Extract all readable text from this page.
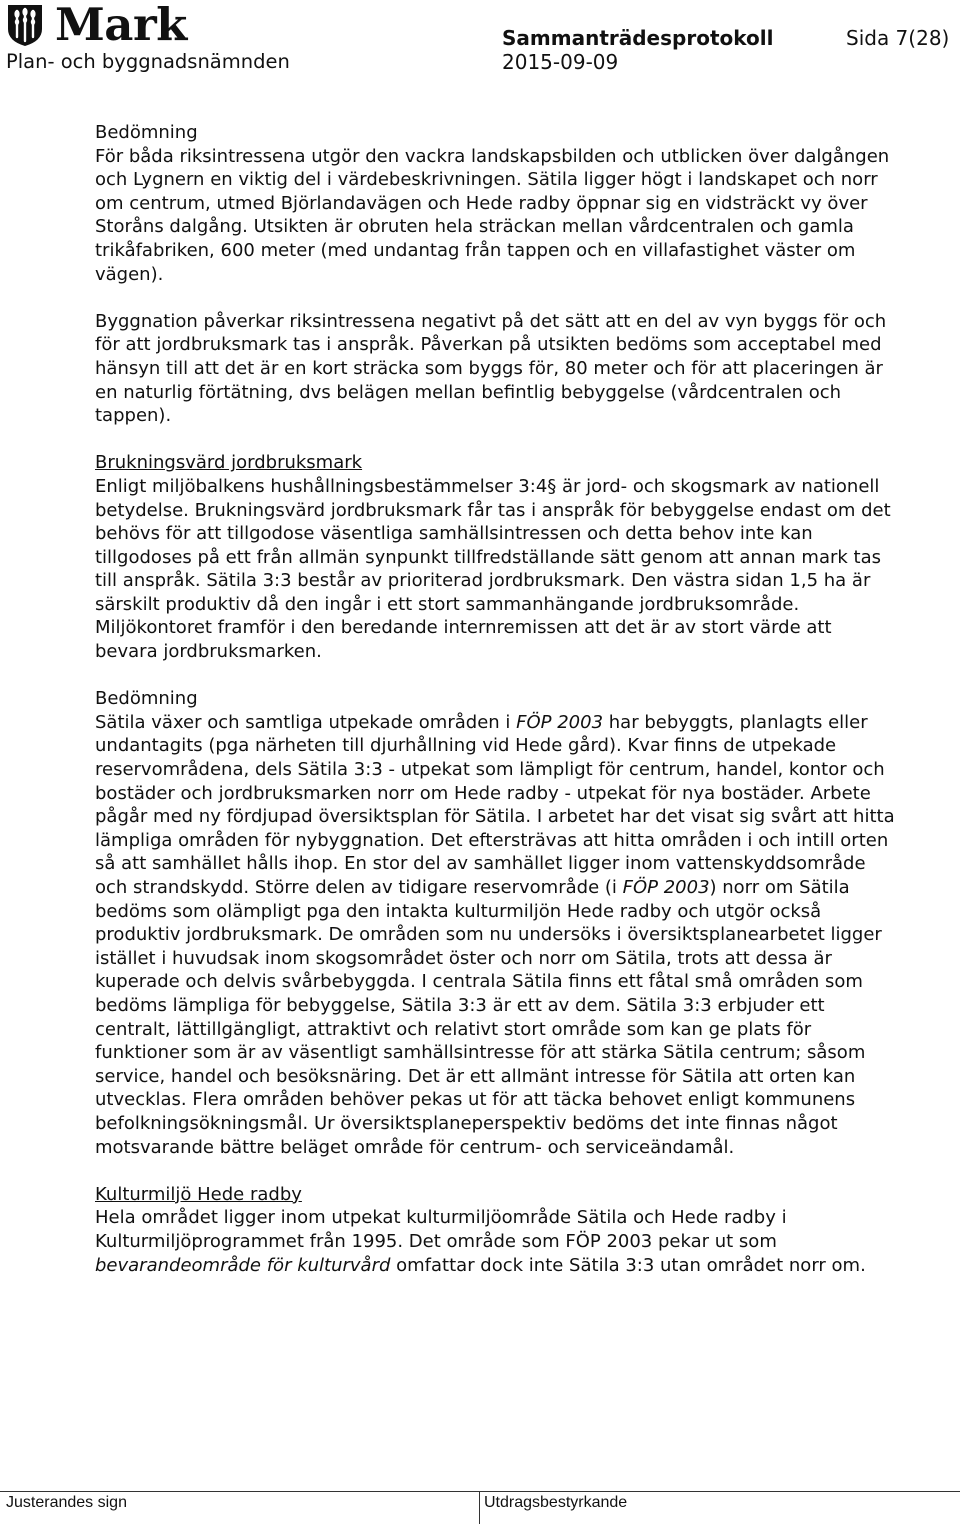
Mark
Plan- och byggnadsnämnden
Sammanträdesprotokoll
2015-09-09
Sida 7(28)

Bedömning
För båda riksintressena utgör den vackra landskapsbilden och utblicken över dalgången och Lygnern en viktig del i värdebeskrivningen. Sätila ligger högt i landskapet och norr om centrum, utmed Björlandavägen och Hede radby öppnar sig en vidsträckt vy över Storåns dalgång. Utsikten är obruten hela sträckan mellan vårdcentralen och gamla trikåfabriken, 600 meter (med undantag från tappen och en villafastighet väster om vägen).

Byggnation påverkar riksintressena negativt på det sätt att en del av vyn byggs för och för att jordbruksmark tas i anspråk. Påverkan på utsikten bedöms som acceptabel med hänsyn till att det är en kort sträcka som byggs för, 80 meter och för att placeringen är en naturlig förtätning, dvs belägen mellan befintlig bebyggelse (vårdcentralen och tappen).

Brukningsvärd jordbruksmark
Enligt miljöbalkens hushållningsbestämmelser 3:4§ är jord- och skogsmark av nationell betydelse. Brukningsvärd jordbruksmark får tas i anspråk för bebyggelse endast om det behövs för att tillgodose väsentliga samhällsintressen och detta behov inte kan tillgodoses på ett från allmän synpunkt tillfredställande sätt genom att annan mark tas till anspråk. Sätila 3:3 består av prioriterad jordbruksmark. Den västra sidan 1,5 ha är särskilt produktiv då den ingår i ett stort sammanhängande jordbruksområde. Miljökontoret framför i den beredande internremissen att det är av stort värde att bevara jordbruksmarken.

Bedömning
Sätila växer och samtliga utpekade områden i FÖP 2003 har bebyggts, planlagts eller undantagits (pga närheten till djurhållning vid Hede gård). Kvar finns de utpekade reservområdena, dels Sätila 3:3 - utpekat som lämpligt för centrum, handel, kontor och bostäder och jordbruksmarken norr om Hede radby - utpekat för nya bostäder. Arbete pågår med ny fördjupad översiktsplan för Sätila. I arbetet har det visat sig svårt att hitta lämpliga områden för nybyggnation. Det eftersträvas att hitta områden i och intill orten så att samhället hålls ihop. En stor del av samhället ligger inom vattenskyddsområde och strandskydd. Större delen av tidigare reservområde (i FÖP 2003) norr om Sätila bedöms som olämpligt pga den intakta kulturmiljön Hede radby och utgör också produktiv jordbruksmark. De områden som nu undersöks i översiktsplanearbetet ligger istället i huvudsak inom skogsområdet öster och norr om Sätila, trots att dessa är kuperade och delvis svårbebyggda. I centrala Sätila finns ett fåtal små områden som bedöms lämpliga för bebyggelse, Sätila 3:3 är ett av dem. Sätila 3:3 erbjuder ett centralt, lättillgängligt, attraktivt och relativt stort område som kan ge plats för funktioner som är av väsentligt samhällsintresse för att stärka Sätila centrum; såsom service, handel och besöksnäring. Det är ett allmänt intresse för Sätila att orten kan utvecklas. Flera områden behöver pekas ut för att täcka behovet enligt kommunens befolkningsökningsmål. Ur översiktsplaneperspektiv bedöms det inte finnas något motsvarande bättre beläget område för centrum- och serviceändamål.

Kulturmiljö Hede radby
Hela området ligger inom utpekat kulturmiljöområde Sätila och Hede radby i Kulturmiljöprogrammet från 1995. Det område som FÖP 2003 pekar ut som bevarandeområde för kulturvård omfattar dock inte Sätila 3:3 utan området norr om.

Justerandes sign	Utdragsbestyrkande
